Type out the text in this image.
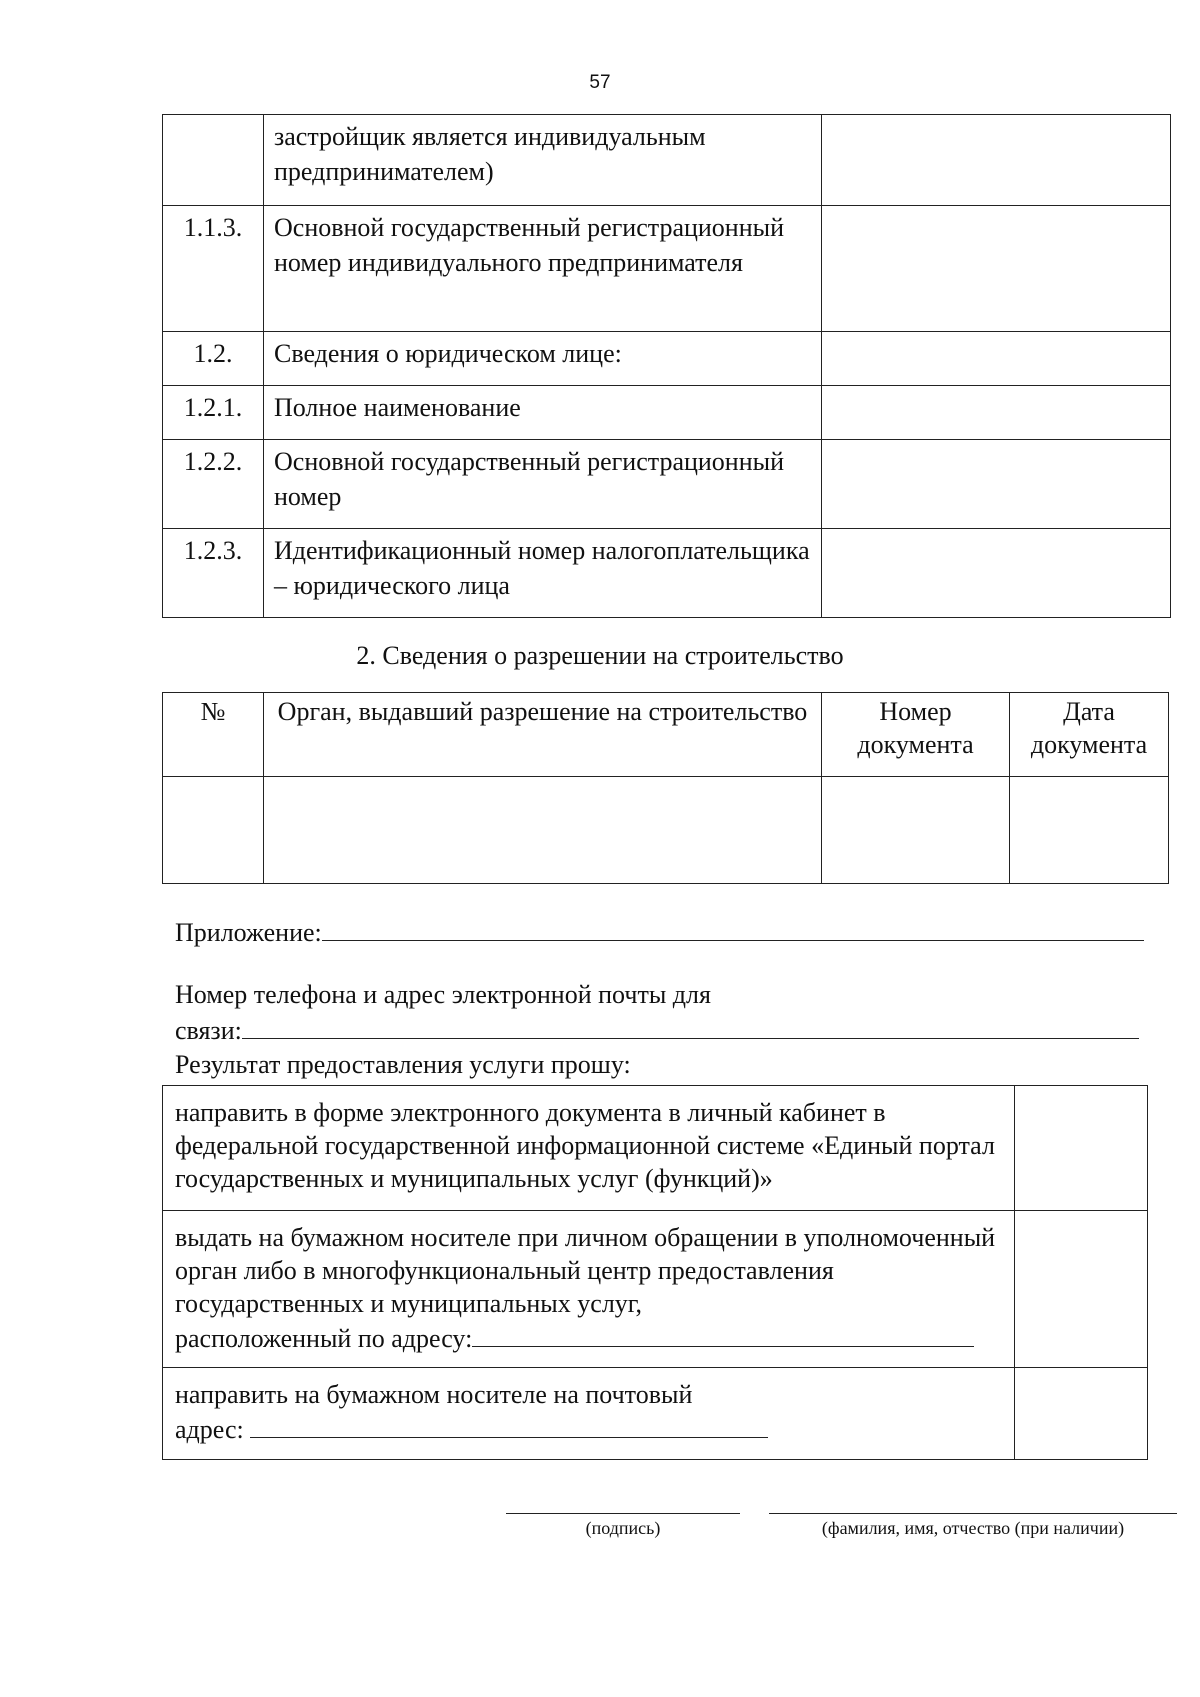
57
	застройщик является индивидуальным предпринимателем)	
1.1.3.	Основной государственный регистрационный номер индивидуального предпринимателя	
1.2.	Сведения о юридическом лице:	
1.2.1.	Полное наименование	
1.2.2.	Основной государственный регистрационный номер	
1.2.3.	Идентификационный номер налогоплательщика – юридического лица	
2. Сведения о разрешении на строительство
№	Орган, выдавший разрешение на строительство	Номер документа	Дата документа

Приложение:
Номер телефона и адрес электронной почты для
связи:
Результат предоставления услуги прошу:
направить в форме электронного документа в личный кабинет в федеральной государственной информационной системе «Единый портал государственных и муниципальных услуг (функций)»	
выдать на бумажном носителе при личном обращении в уполномоченный орган либо в многофункциональный центр предоставления государственных и муниципальных услуг,
расположенный по адресу:	
направить на бумажном носителе на почтовый
адрес:	
(подпись)	(фамилия, имя, отчество (при наличии)
